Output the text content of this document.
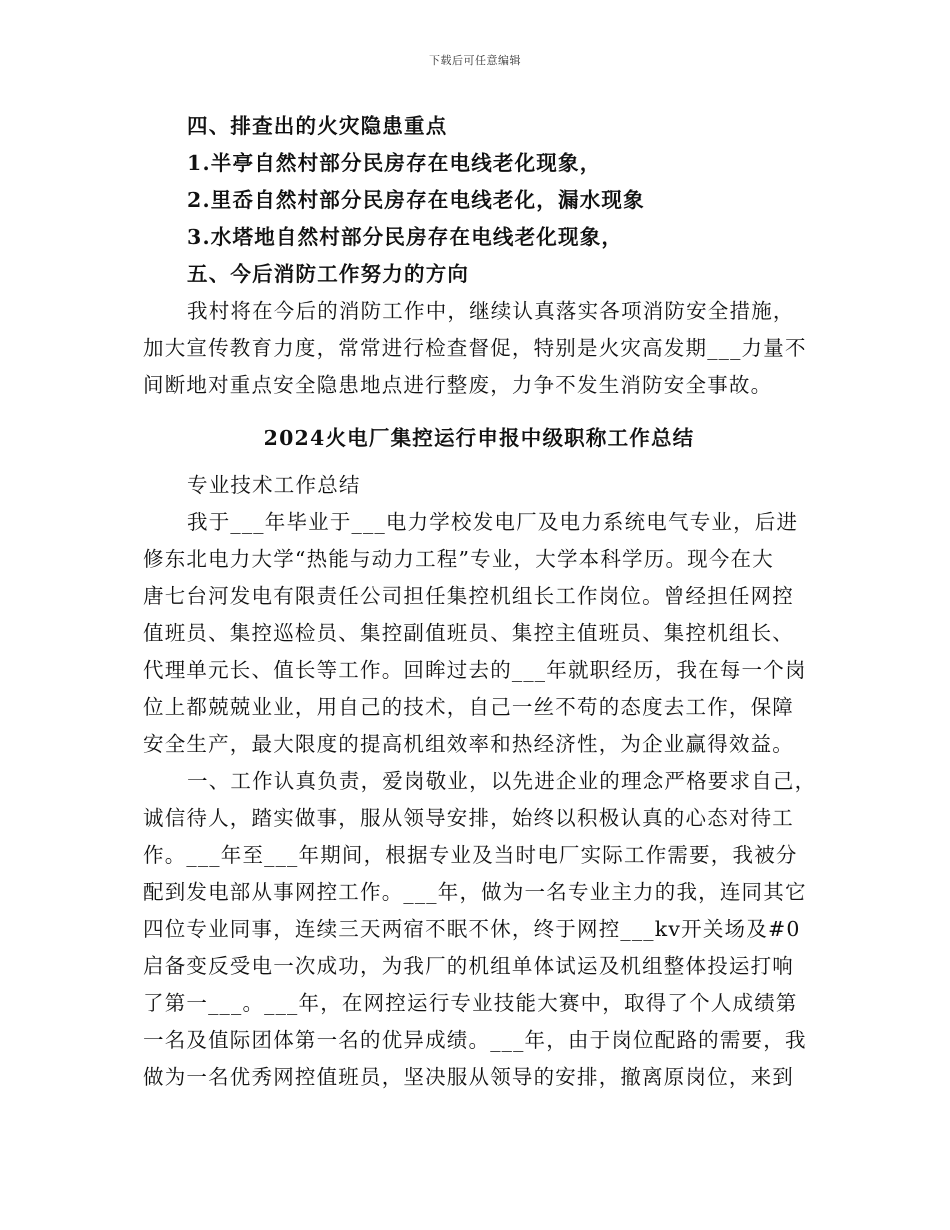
下载后可任意编辑
四、排查出的火灾隐患重点
1.半亭自然村部分民房存在电线老化现象，
2.里岙自然村部分民房存在电线老化，漏水现象
3.水塔地自然村部分民房存在电线老化现象，
五、今后消防工作努力的方向
我村将在今后的消防工作中，继续认真落实各项消防安全措施，
加大宣传教育力度，常常进行检查督促，特别是火灾高发期___力量不
间断地对重点安全隐患地点进行整废，力争不发生消防安全事故。
2024火电厂集控运行申报中级职称工作总结
专业技术工作总结
我于___年毕业于___电力学校发电厂及电力系统电气专业，后进
修东北电力大学“热能与动力工程”专业，大学本科学历。现今在大
唐七台河发电有限责任公司担任集控机组长工作岗位。曾经担任网控
值班员、集控巡检员、集控副值班员、集控主值班员、集控机组长、
代理单元长、值长等工作。回眸过去的___年就职经历，我在每一个岗
位上都兢兢业业，用自己的技术，自己一丝不苟的态度去工作，保障
安全生产，最大限度的提高机组效率和热经济性，为企业赢得效益。
一、工作认真负责，爱岗敬业，以先进企业的理念严格要求自己，
诚信待人，踏实做事，服从领导安排，始终以积极认真的心态对待工
作。___年至___年期间，根据专业及当时电厂实际工作需要，我被分
配到发电部从事网控工作。___年，做为一名专业主力的我，连同其它
四位专业同事，连续三天两宿不眠不休，终于网控___kv开关场及#0
启备变反受电一次成功，为我厂的机组单体试运及机组整体投运打响
了第一___。___年，在网控运行专业技能大赛中，取得了个人成绩第
一名及值际团体第一名的优异成绩。___年，由于岗位配路的需要，我
做为一名优秀网控值班员，坚决服从领导的安排，撤离原岗位，来到
